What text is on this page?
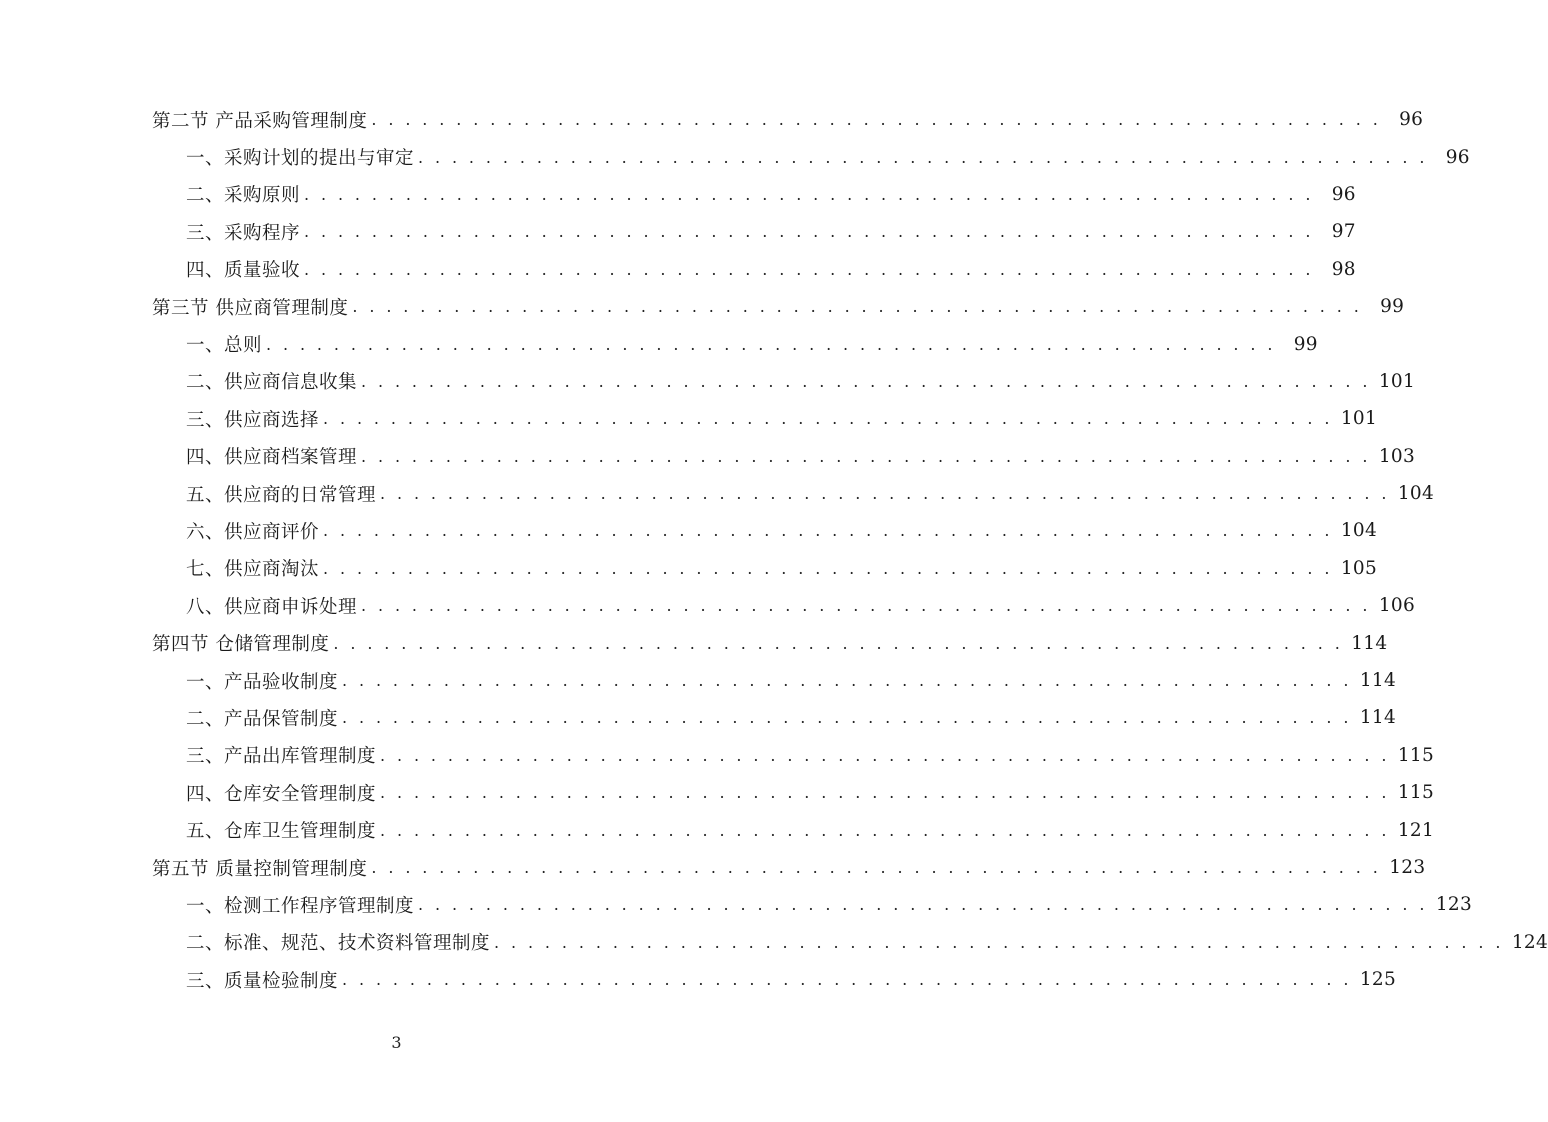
第二节 产品采购管理制度 . . . . . . . . . . . . . . . . . . . . . . . . . . . . . . . . . . . . . . . . . . . . . . . . . . . . . . . . . . . . 96
一、采购计划的提出与审定 . . . . . . . . . . . . . . . . . . . . . . . . . . . . . . . . . . . . . . . . . . . . . . . . . . . . . . . . . . . . 96
二、采购原则 . . . . . . . . . . . . . . . . . . . . . . . . . . . . . . . . . . . . . . . . . . . . . . . . . . . . . . . . . . . . 96
三、采购程序 . . . . . . . . . . . . . . . . . . . . . . . . . . . . . . . . . . . . . . . . . . . . . . . . . . . . . . . . . . . . 97
四、质量验收 . . . . . . . . . . . . . . . . . . . . . . . . . . . . . . . . . . . . . . . . . . . . . . . . . . . . . . . . . . . . 98
第三节 供应商管理制度 . . . . . . . . . . . . . . . . . . . . . . . . . . . . . . . . . . . . . . . . . . . . . . . . . . . . . . . . . . . . 99
一、总则 . . . . . . . . . . . . . . . . . . . . . . . . . . . . . . . . . . . . . . . . . . . . . . . . . . . . . . . . . . . . 99
二、供应商信息收集 . . . . . . . . . . . . . . . . . . . . . . . . . . . . . . . . . . . . . . . . . . . . . . . . . . . . . . . . . . . . 101
三、供应商选择 . . . . . . . . . . . . . . . . . . . . . . . . . . . . . . . . . . . . . . . . . . . . . . . . . . . . . . . . . . . . 101
四、供应商档案管理 . . . . . . . . . . . . . . . . . . . . . . . . . . . . . . . . . . . . . . . . . . . . . . . . . . . . . . . . . . . . 103
五、供应商的日常管理 . . . . . . . . . . . . . . . . . . . . . . . . . . . . . . . . . . . . . . . . . . . . . . . . . . . . . . . . . . . . 104
六、供应商评价 . . . . . . . . . . . . . . . . . . . . . . . . . . . . . . . . . . . . . . . . . . . . . . . . . . . . . . . . . . . . 104
七、供应商淘汰 . . . . . . . . . . . . . . . . . . . . . . . . . . . . . . . . . . . . . . . . . . . . . . . . . . . . . . . . . . . . 105
八、供应商申诉处理 . . . . . . . . . . . . . . . . . . . . . . . . . . . . . . . . . . . . . . . . . . . . . . . . . . . . . . . . . . . . 106
第四节 仓储管理制度 . . . . . . . . . . . . . . . . . . . . . . . . . . . . . . . . . . . . . . . . . . . . . . . . . . . . . . . . . . . . 114
一、产品验收制度 . . . . . . . . . . . . . . . . . . . . . . . . . . . . . . . . . . . . . . . . . . . . . . . . . . . . . . . . . . . . 114
二、产品保管制度 . . . . . . . . . . . . . . . . . . . . . . . . . . . . . . . . . . . . . . . . . . . . . . . . . . . . . . . . . . . . 114
三、产品出库管理制度 . . . . . . . . . . . . . . . . . . . . . . . . . . . . . . . . . . . . . . . . . . . . . . . . . . . . . . . . . . . . 115
四、仓库安全管理制度 . . . . . . . . . . . . . . . . . . . . . . . . . . . . . . . . . . . . . . . . . . . . . . . . . . . . . . . . . . . . 115
五、仓库卫生管理制度 . . . . . . . . . . . . . . . . . . . . . . . . . . . . . . . . . . . . . . . . . . . . . . . . . . . . . . . . . . . . 121
第五节 质量控制管理制度 . . . . . . . . . . . . . . . . . . . . . . . . . . . . . . . . . . . . . . . . . . . . . . . . . . . . . . . . . . . . 123
一、检测工作程序管理制度 . . . . . . . . . . . . . . . . . . . . . . . . . . . . . . . . . . . . . . . . . . . . . . . . . . . . . . . . . . . . 123
二、标准、规范、技术资料管理制度 . . . . . . . . . . . . . . . . . . . . . . . . . . . . . . . . . . . . . . . . . . . . . . . . . . . . . . . . . . . . 124
三、质量检验制度 . . . . . . . . . . . . . . . . . . . . . . . . . . . . . . . . . . . . . . . . . . . . . . . . . . . . . . . . . . . . 125
3
